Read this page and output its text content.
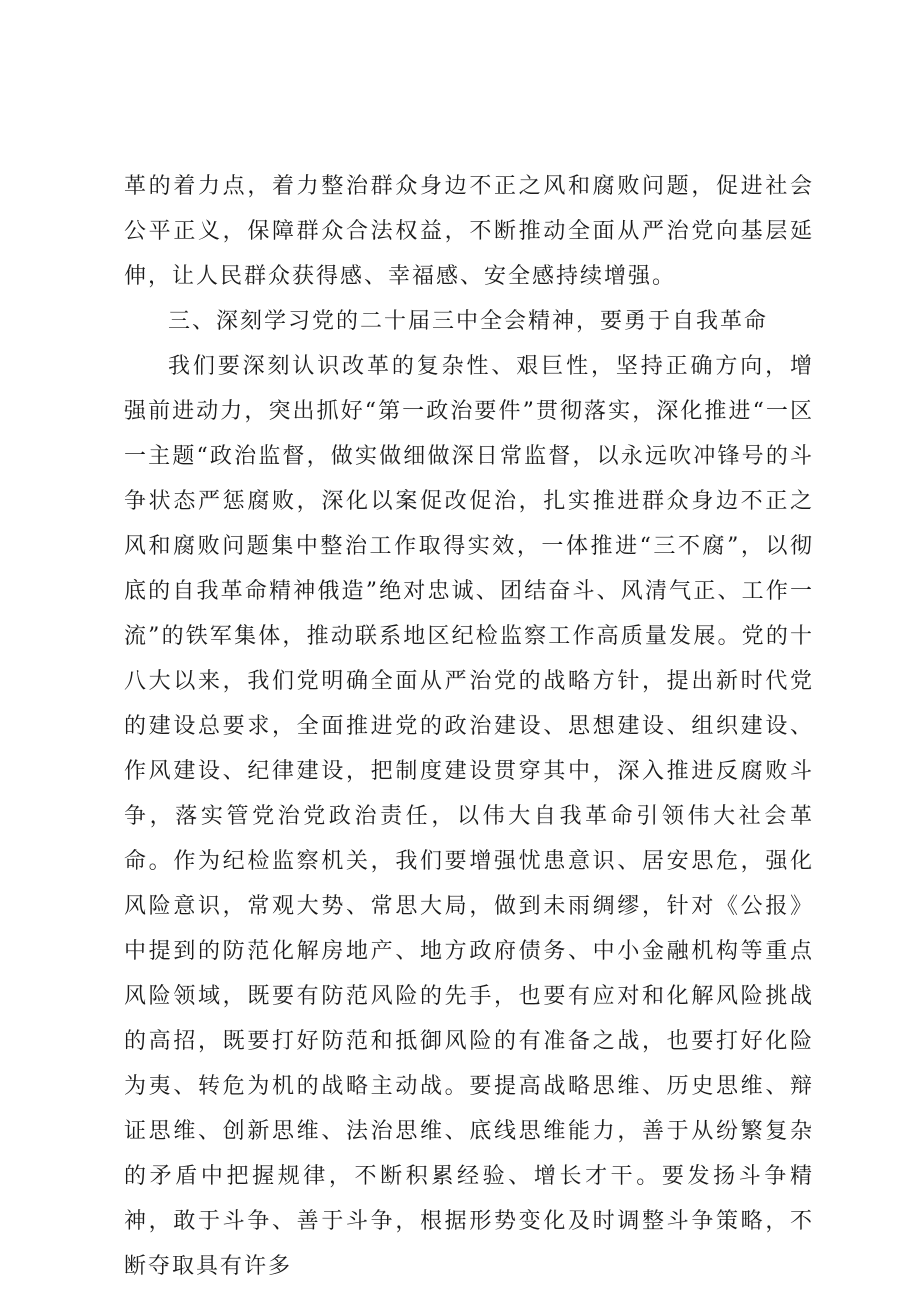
革的着力点，着力整治群众身边不正之风和腐败问题，促进社会公平正义，保障群众合法权益，不断推动全面从严治党向基层延伸，让人民群众获得感、幸福感、安全感持续增强。

三、深刻学习党的二十届三中全会精神，要勇于自我革命

我们要深刻认识改革的复杂性、艰巨性，坚持正确方向，增强前进动力，突出抓好“第一政治要件”贯彻落实，深化推进“一区一主题“政治监督，做实做细做深日常监督，以永远吹冲锋号的斗争状态严惩腐败，深化以案促改促治，扎实推进群众身边不正之风和腐败问题集中整治工作取得实效，一体推进“三不腐”，以彻底的自我革命精神俄造”绝对忠诚、团结奋斗、风清气正、工作一流”的铁军集体，推动联系地区纪检监察工作高质量发展。党的十八大以来，我们党明确全面从严治党的战略方针，提出新时代党的建设总要求，全面推进党的政治建设、思想建设、组织建设、作风建设、纪律建设，把制度建设贯穿其中，深入推进反腐败斗争，落实管党治党政治责任，以伟大自我革命引领伟大社会革命。作为纪检监察机关，我们要增强忧患意识、居安思危，强化风险意识，常观大势、常思大局，做到未雨绸缪，针对《公报》中提到的防范化解房地产、地方政府债务、中小金融机构等重点风险领域，既要有防范风险的先手，也要有应对和化解风险挑战的高招，既要打好防范和抵御风险的有准备之战，也要打好化险为夷、转危为机的战略主动战。要提高战略思维、历史思维、辩证思维、创新思维、法治思维、底线思维能力，善于从纷繁复杂的矛盾中把握规律，不断积累经验、增长才干。要发扬斗争精神，敢于斗争、善于斗争，根据形势变化及时调整斗争策略，不断夺取具有许多
